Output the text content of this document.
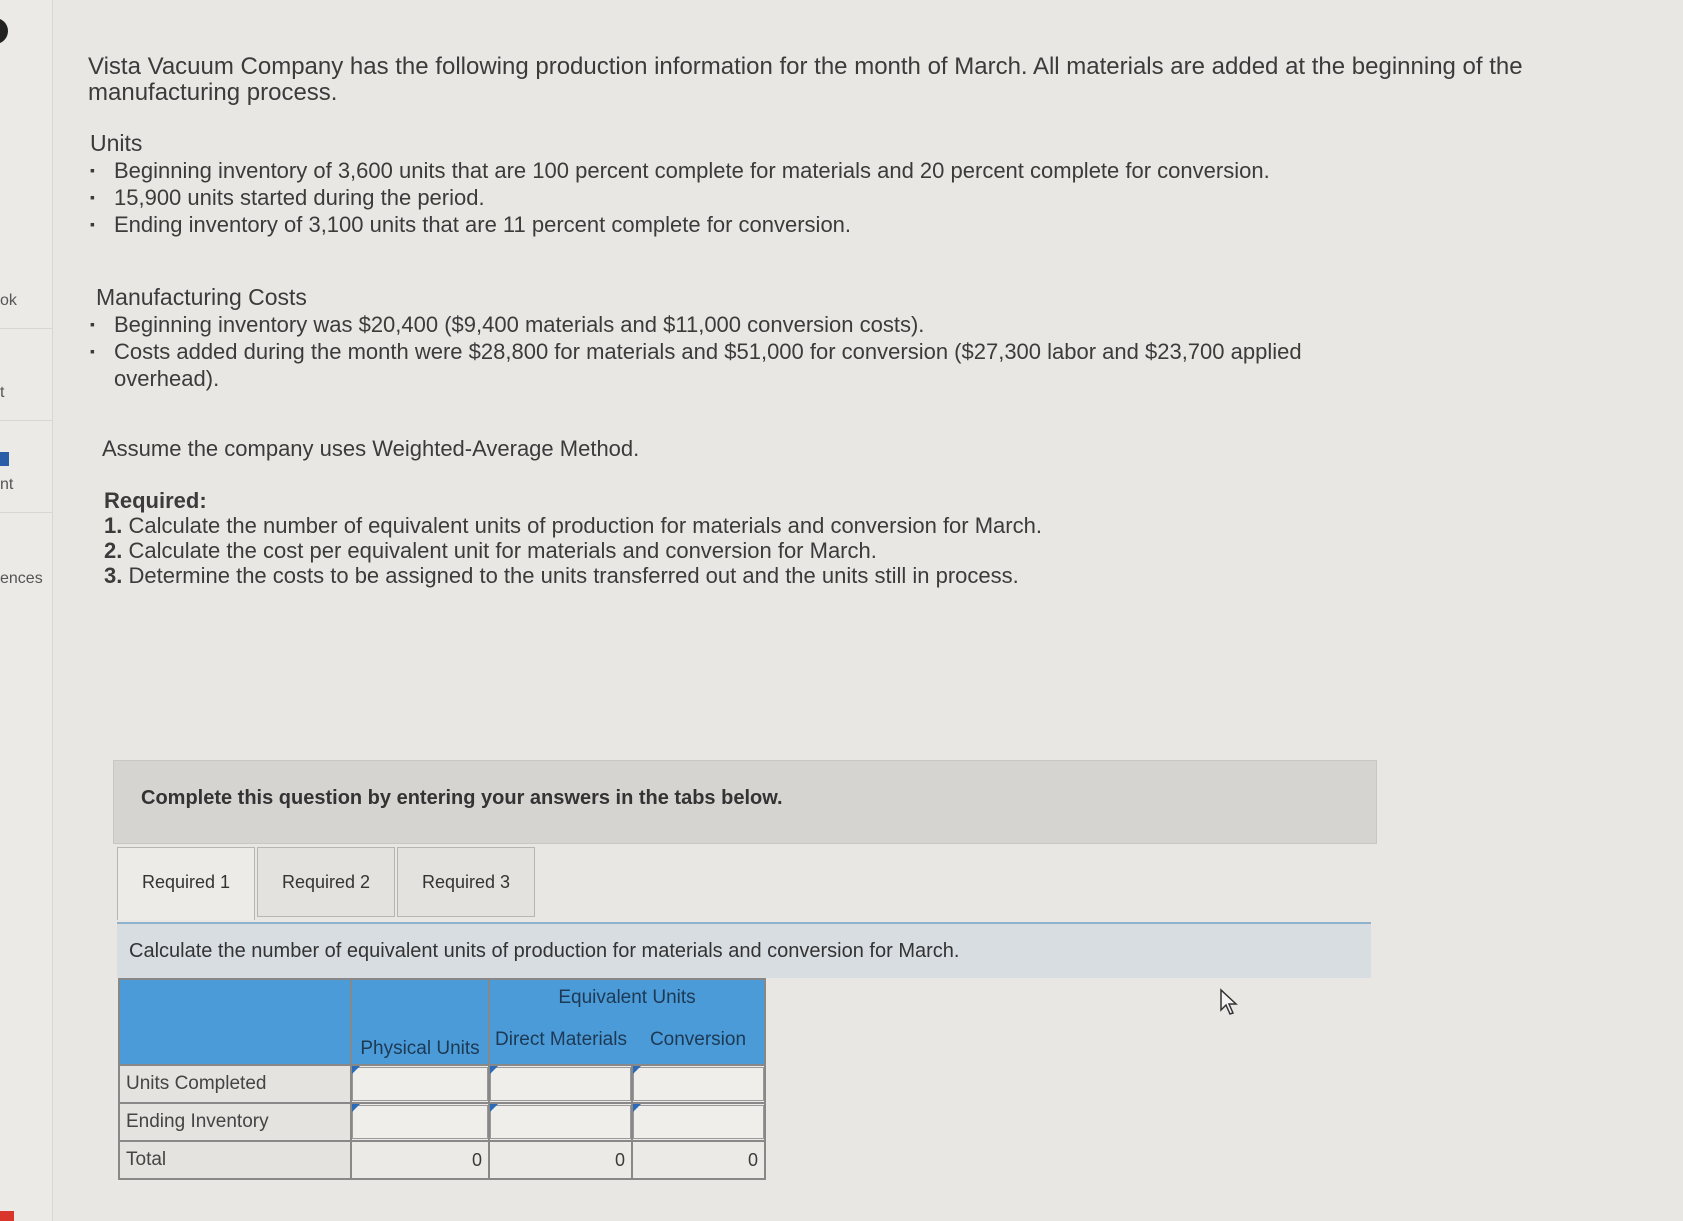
ok
t
nt
ences

Vista Vacuum Company has the following production information for the month of March. All materials are added at the beginning of the manufacturing process.

Units
▪ Beginning inventory of 3,600 units that are 100 percent complete for materials and 20 percent complete for conversion.
▪ 15,900 units started during the period.
▪ Ending inventory of 3,100 units that are 11 percent complete for conversion.
Manufacturing Costs
▪ Beginning inventory was $20,400 ($9,400 materials and $11,000 conversion costs).
▪ Costs added during the month were $28,800 for materials and $51,000 for conversion ($27,300 labor and $23,700 applied overhead).
Assume the company uses Weighted-Average Method.
Required:
1. Calculate the number of equivalent units of production for materials and conversion for March.
2. Calculate the cost per equivalent unit for materials and conversion for March.
3. Determine the costs to be assigned to the units transferred out and the units still in process.
Complete this question by entering your answers in the tabs below.
Required 1	Required 2	Required 3
Calculate the number of equivalent units of production for materials and conversion for March.
	Physical Units	Equivalent Units	
		Direct Materials	Conversion
Units Completed	

Ending Inventory	

Total	0	0	0
